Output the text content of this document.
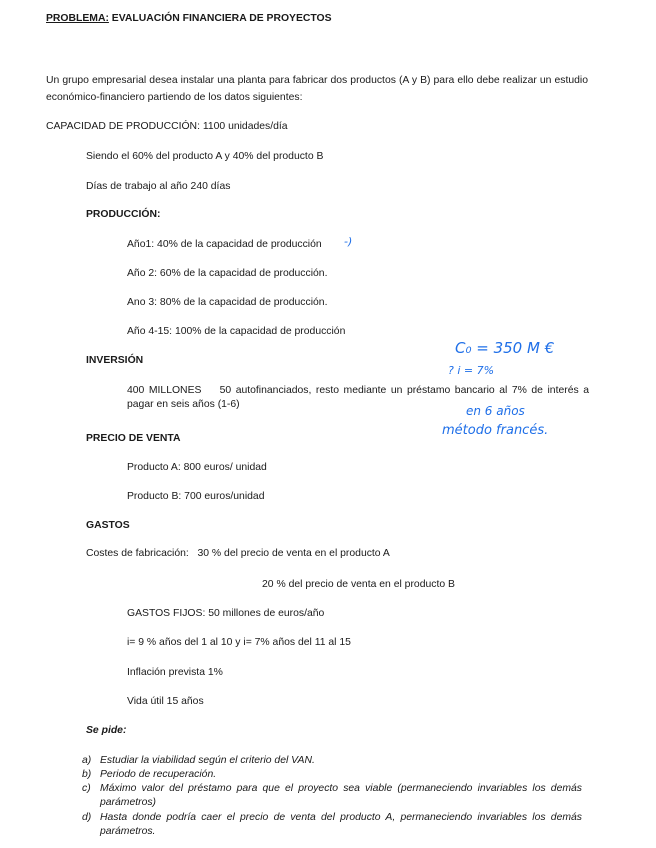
PROBLEMA: EVALUACIÓN FINANCIERA DE PROYECTOS
Un grupo empresarial desea instalar una planta para fabricar dos productos (A y B) para ello debe realizar un estudio económico-financiero partiendo de los datos siguientes:
CAPACIDAD DE PRODUCCIÓN: 1100 unidades/día
Siendo el 60% del producto A y 40% del producto B
Días de trabajo al año 240 días
PRODUCCIÓN:
Año1: 40% de la capacidad de producción -)
Año 2: 60% de la capacidad de producción.
Ano 3: 80% de la capacidad de producción.
Año 4-15: 100% de la capacidad de producción
INVERSIÓN
C₀ = 350 M €
? i = 7%
400 MILLONES    50 autofinanciados, resto mediante un préstamo bancario al 7% de interés a pagar en seis años (1-6)	en 6 años
método francés.
PRECIO DE VENTA
Producto A: 800 euros/ unidad
Producto B: 700 euros/unidad
GASTOS
Costes de fabricación:   30 % del precio de venta en el producto A
20 % del precio de venta en el producto B
GASTOS FIJOS: 50 millones de euros/año
i= 9 % años del 1 al 10 y i= 7% años del 11 al 15
Inflación prevista 1%
Vida útil 15 años
Se pide:
a) Estudiar la viabilidad según el criterio del VAN.
b) Periodo de recuperación.
c) Máximo valor del préstamo para que el proyecto sea viable (permaneciendo invariables los demás parámetros)
d) Hasta donde podría caer el precio de venta del producto A, permaneciendo invariables los demás parámetros.
